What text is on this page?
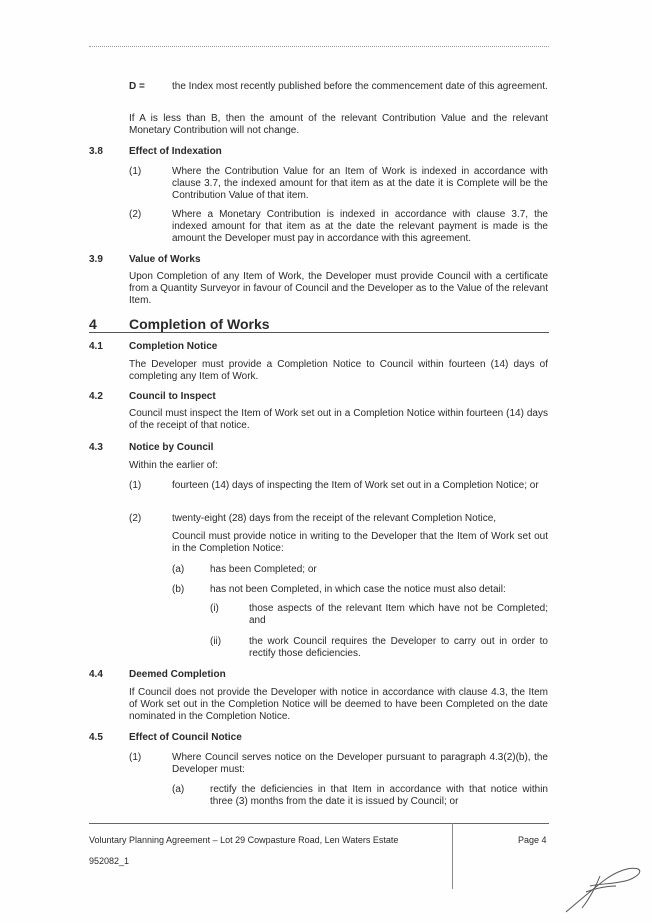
D =	the Index most recently published before the commencement date of this agreement.
If A is less than B, then the amount of the relevant Contribution Value and the relevant Monetary Contribution will not change.
3.8	Effect of Indexation
(1)	Where the Contribution Value for an Item of Work is indexed in accordance with clause 3.7, the indexed amount for that item as at the date it is Complete will be the Contribution Value of that item.
(2)	Where a Monetary Contribution is indexed in accordance with clause 3.7, the indexed amount for that item as at the date the relevant payment is made is the amount the Developer must pay in accordance with this agreement.
3.9	Value of Works
Upon Completion of any Item of Work, the Developer must provide Council with a certificate from a Quantity Surveyor in favour of Council and the Developer as to the Value of the relevant Item.
4 Completion of Works
4.1	Completion Notice
The Developer must provide a Completion Notice to Council within fourteen (14) days of completing any Item of Work.
4.2	Council to Inspect
Council must inspect the Item of Work set out in a Completion Notice within fourteen (14) days of the receipt of that notice.
4.3	Notice by Council
Within the earlier of:
(1)	fourteen (14) days of inspecting the Item of Work set out in a Completion Notice; or
(2)	twenty-eight (28) days from the receipt of the relevant Completion Notice,
Council must provide notice in writing to the Developer that the Item of Work set out in the Completion Notice:
(a)	has been Completed; or
(b)	has not been Completed, in which case the notice must also detail:
(i)	those aspects of the relevant Item which have not be Completed; and
(ii)	the work Council requires the Developer to carry out in order to rectify those deficiencies.
4.4	Deemed Completion
If Council does not provide the Developer with notice in accordance with clause 4.3, the Item of Work set out in the Completion Notice will be deemed to have been Completed on the date nominated in the Completion Notice.
4.5	Effect of Council Notice
(1)	Where Council serves notice on the Developer pursuant to paragraph 4.3(2)(b), the Developer must:
(a)	rectify the deficiencies in that Item in accordance with that notice within three (3) months from the date it is issued by Council; or
Voluntary Planning Agreement – Lot 29 Cowpasture Road, Len Waters Estate
952082_1
Page 4
